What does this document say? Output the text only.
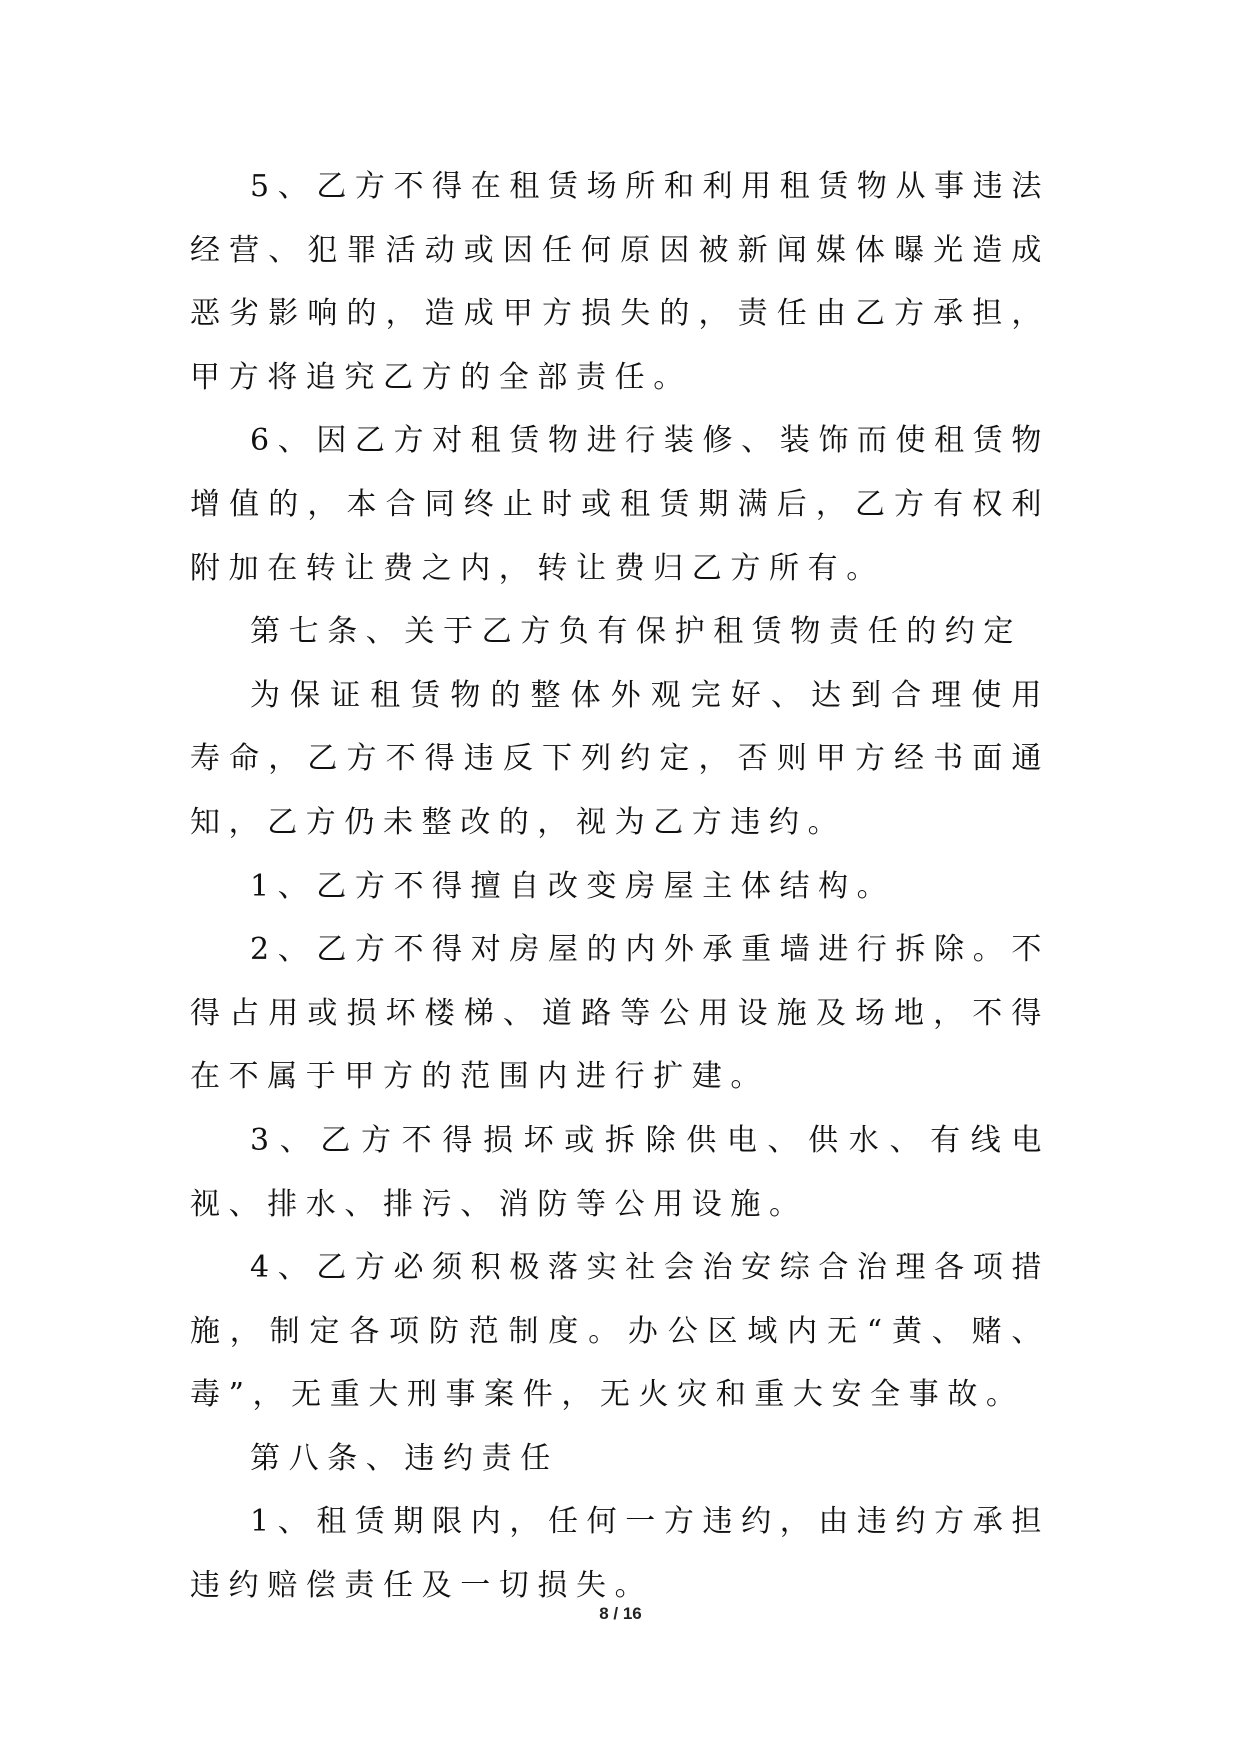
5、乙方不得在租赁场所和利用租赁物从事违法经营、犯罪活动或因任何原因被新闻媒体曝光造成恶劣影响的，造成甲方损失的，责任由乙方承担，甲方将追究乙方的全部责任。

6、因乙方对租赁物进行装修、装饰而使租赁物增值的，本合同终止时或租赁期满后，乙方有权利附加在转让费之内，转让费归乙方所有。

第七条、关于乙方负有保护租赁物责任的约定

为保证租赁物的整体外观完好、达到合理使用寿命，乙方不得违反下列约定，否则甲方经书面通知，乙方仍未整改的，视为乙方违约。

1、乙方不得擅自改变房屋主体结构。

2、乙方不得对房屋的内外承重墙进行拆除。不得占用或损坏楼梯、道路等公用设施及场地，不得在不属于甲方的范围内进行扩建。

3、乙方不得损坏或拆除供电、供水、有线电视、排水、排污、消防等公用设施。

4、乙方必须积极落实社会治安综合治理各项措施，制定各项防范制度。办公区域内无“黄、赌、毒”，无重大刑事案件，无火灾和重大安全事故。

第八条、违约责任

1、租赁期限内，任何一方违约，由违约方承担违约赔偿责任及一切损失。

8 / 16
